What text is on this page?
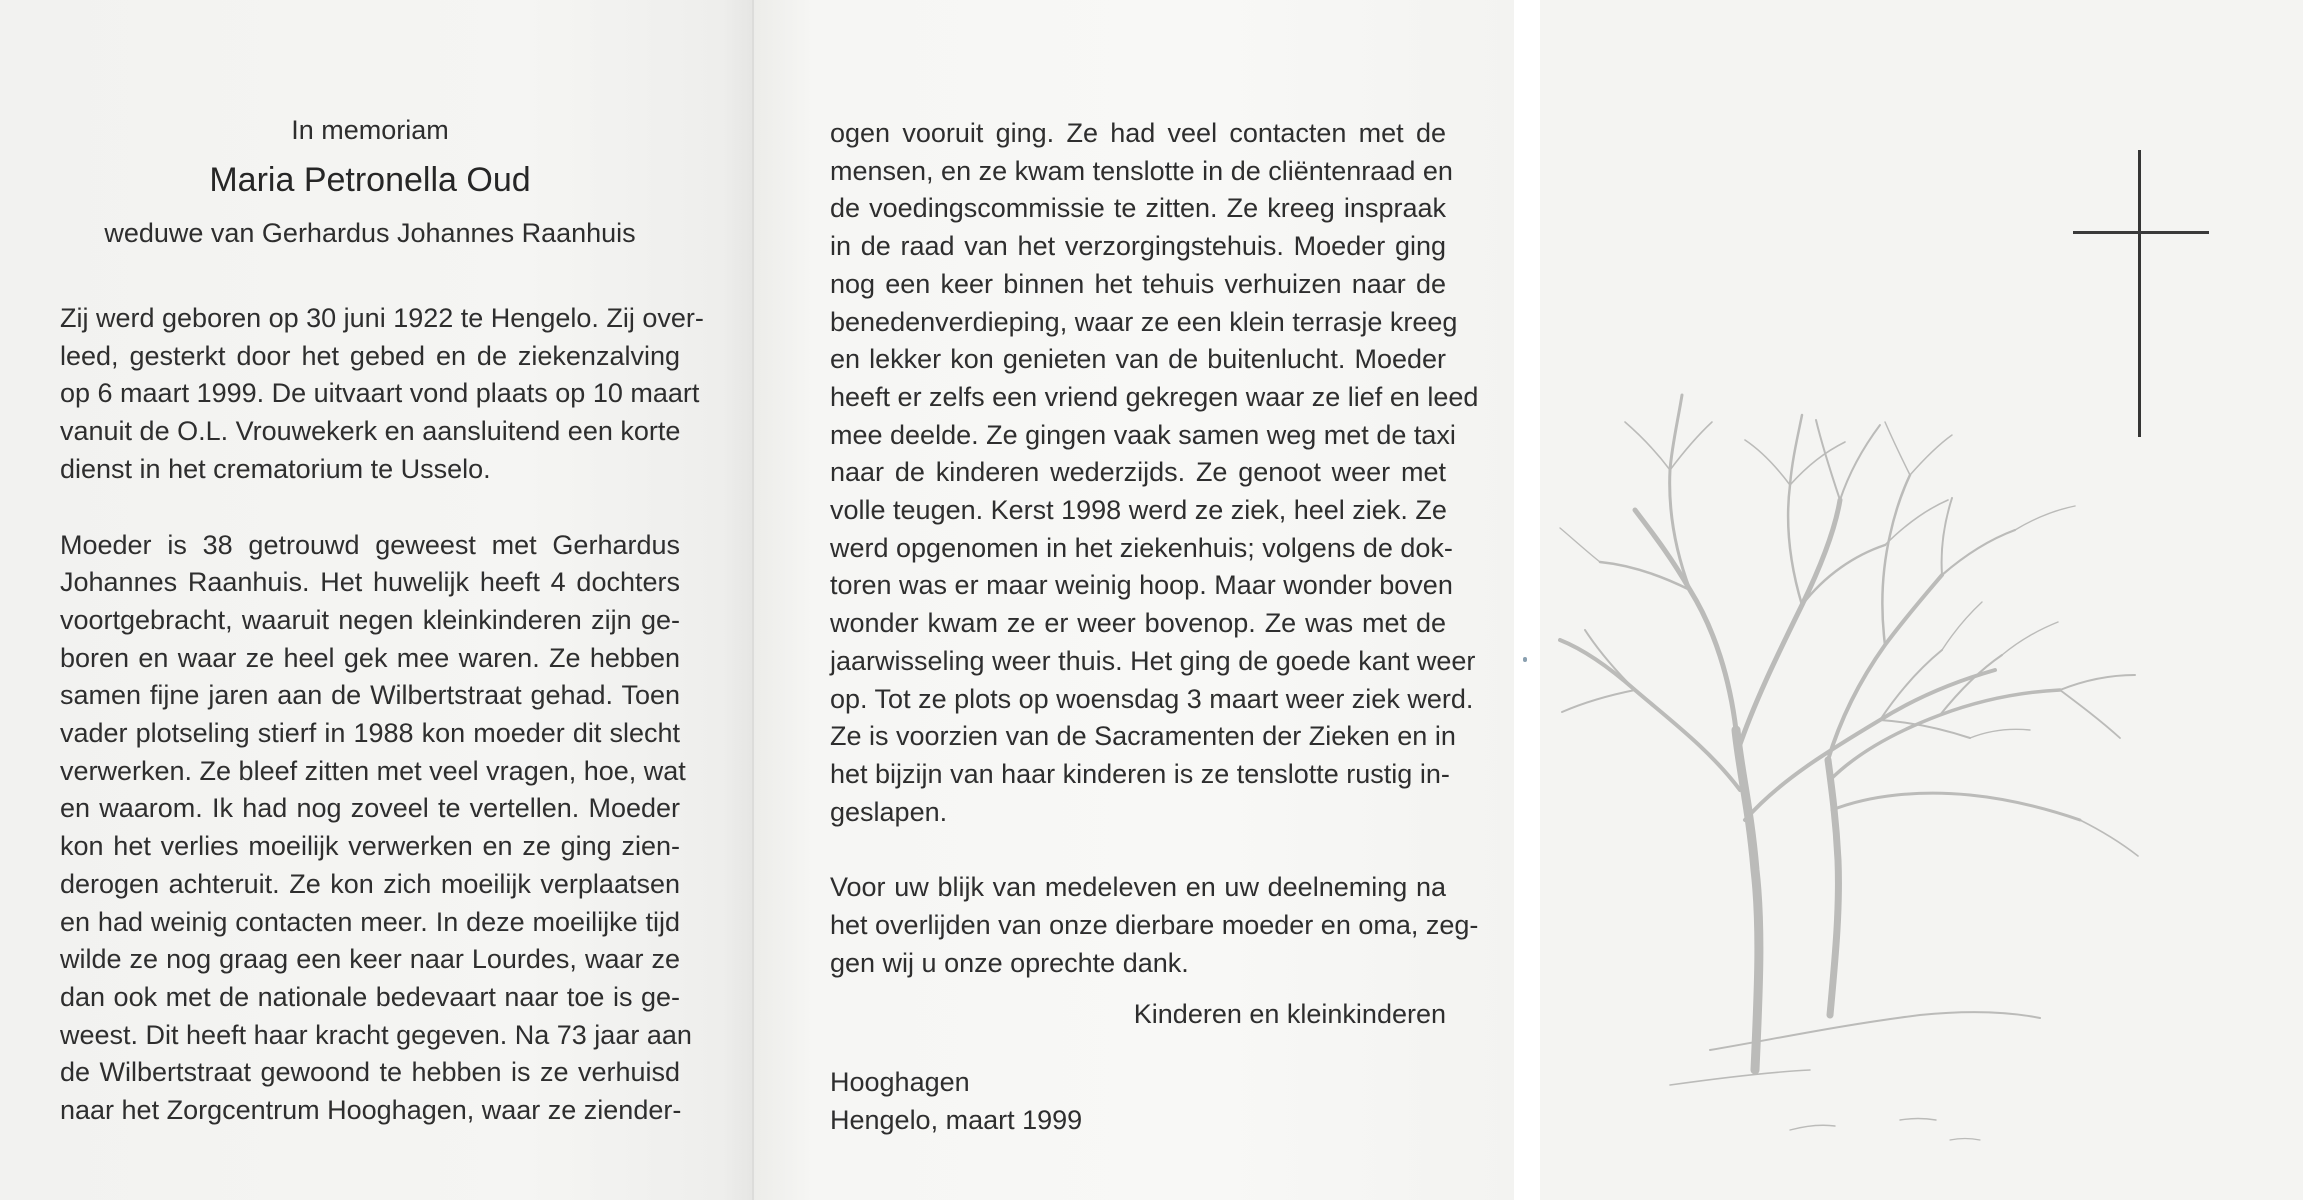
In memoriam
Maria Petronella Oud
weduwe van Gerhardus Johannes Raanhuis
Zij werd geboren op 30 juni 1922 te Hengelo. Zij over-
leed, gesterkt door het gebed en de ziekenzalving
op 6 maart 1999. De uitvaart vond plaats op 10 maart
vanuit de O.L. Vrouwekerk en aansluitend een korte
dienst in het crematorium te Usselo.
Moeder is 38 getrouwd geweest met Gerhardus
Johannes Raanhuis. Het huwelijk heeft 4 dochters
voortgebracht, waaruit negen kleinkinderen zijn ge-
boren en waar ze heel gek mee waren. Ze hebben
samen fijne jaren aan de Wilbertstraat gehad. Toen
vader plotseling stierf in 1988 kon moeder dit slecht
verwerken. Ze bleef zitten met veel vragen, hoe, wat
en waarom. Ik had nog zoveel te vertellen. Moeder
kon het verlies moeilijk verwerken en ze ging zien-
derogen achteruit. Ze kon zich moeilijk verplaatsen
en had weinig contacten meer. In deze moeilijke tijd
wilde ze nog graag een keer naar Lourdes, waar ze
dan ook met de nationale bedevaart naar toe is ge-
weest. Dit heeft haar kracht gegeven. Na 73 jaar aan
de Wilbertstraat gewoond te hebben is ze verhuisd
naar het Zorgcentrum Hooghagen, waar ze ziender-
ogen vooruit ging. Ze had veel contacten met de
mensen, en ze kwam tenslotte in de cliëntenraad en
de voedingscommissie te zitten. Ze kreeg inspraak
in de raad van het verzorgingstehuis. Moeder ging
nog een keer binnen het tehuis verhuizen naar de
benedenverdieping, waar ze een klein terrasje kreeg
en lekker kon genieten van de buitenlucht. Moeder
heeft er zelfs een vriend gekregen waar ze lief en leed
mee deelde. Ze gingen vaak samen weg met de taxi
naar de kinderen wederzijds. Ze genoot weer met
volle teugen. Kerst 1998 werd ze ziek, heel ziek. Ze
werd opgenomen in het ziekenhuis; volgens de dok-
toren was er maar weinig hoop. Maar wonder boven
wonder kwam ze er weer bovenop. Ze was met de
jaarwisseling weer thuis. Het ging de goede kant weer
op. Tot ze plots op woensdag 3 maart weer ziek werd.
Ze is voorzien van de Sacramenten der Zieken en in
het bijzijn van haar kinderen is ze tenslotte rustig in-
geslapen.
Voor uw blijk van medeleven en uw deelneming na
het overlijden van onze dierbare moeder en oma, zeg-
gen wij u onze oprechte dank.
Kinderen en kleinkinderen
Hooghagen
Hengelo, maart 1999
